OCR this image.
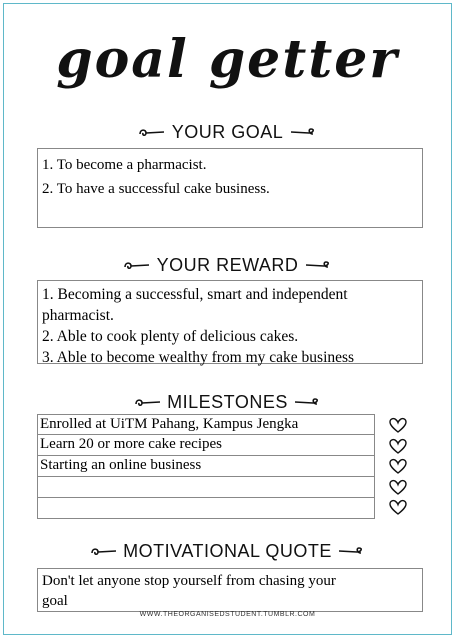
goal getter
YOUR GOAL
1. To become a pharmacist.
2. To have a successful cake business.
YOUR REWARD
1. Becoming a successful, smart and independent
pharmacist.
2. Able to cook plenty of delicious cakes.
3. Able to become wealthy from my cake business
MILESTONES
Enrolled at UiTM Pahang, Kampus Jengka
Learn 20 or more cake recipes
Starting an online business
MOTIVATIONAL QUOTE
Don't let anyone stop yourself from chasing your
goal
WWW.THEORGANISEDSTUDENT.TUMBLR.COM
